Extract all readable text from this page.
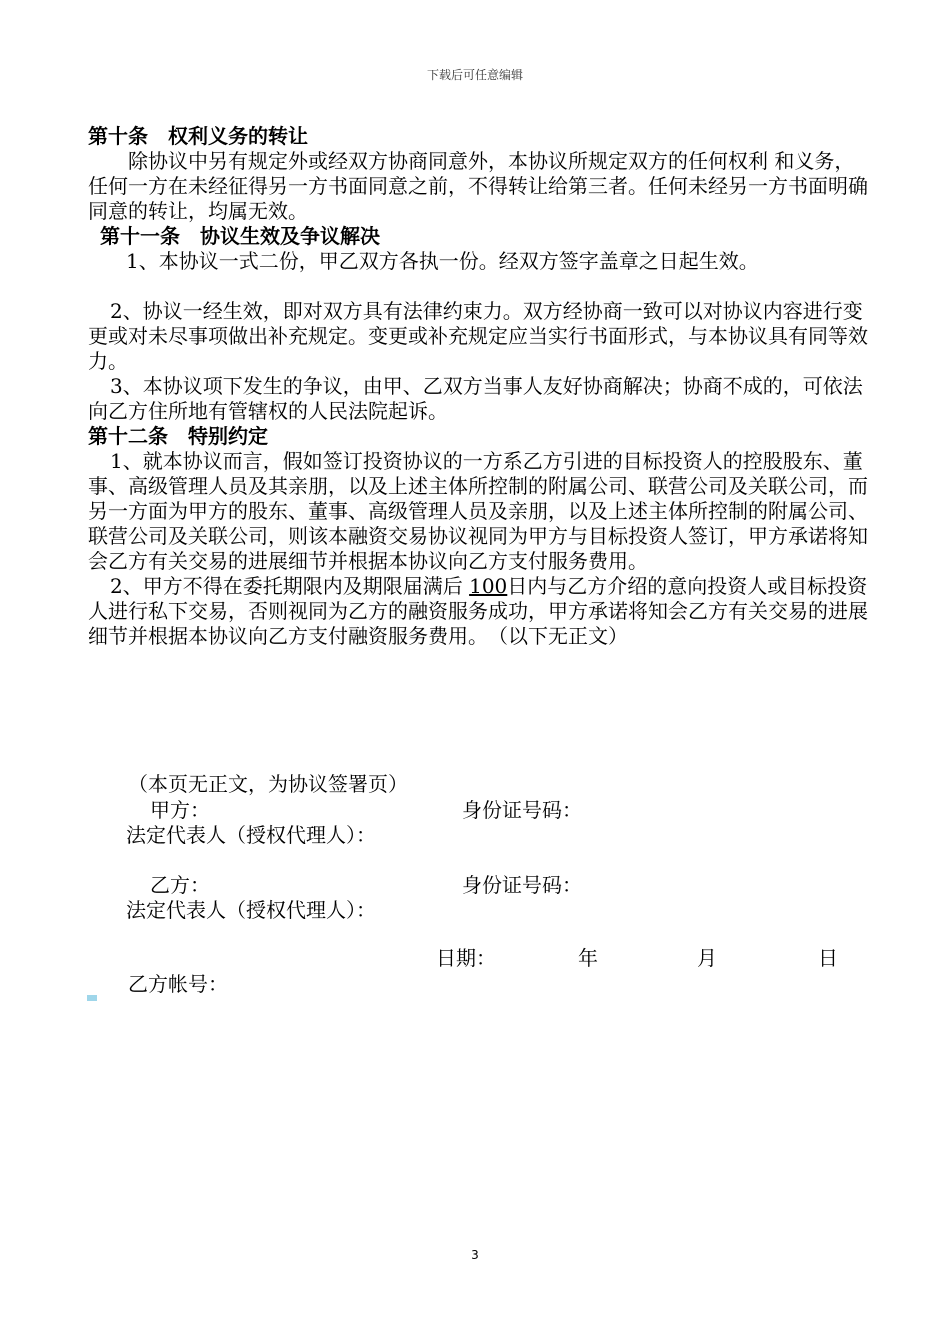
下载后可任意编辑
第十条　权利义务的转让

除协议中另有规定外或经双方协商同意外，本协议所规定双方的任何权利 和义务，任何一方在未经征得另一方书面同意之前，不得转让给第三者。任何未经另一方书面明确同意的转让，均属无效。

第十一条　协议生效及争议解决

1、本协议一式二份，甲乙双方各执一份。经双方签字盖章之日起生效。

2、协议一经生效，即对双方具有法律约束力。双方经协商一致可以对协议内容进行变更或对未尽事项做出补充规定。变更或补充规定应当实行书面形式，与本协议具有同等效力。

3、本协议项下发生的争议，由甲、乙双方当事人友好协商解决；协商不成的，可依法向乙方住所地有管辖权的人民法院起诉。

第十二条　特别约定

1、就本协议而言，假如签订投资协议的一方系乙方引进的目标投资人的控股股东、董事、高级管理人员及其亲朋，以及上述主体所控制的附属公司、联营公司及关联公司，而另一方面为甲方的股东、董事、高级管理人员及亲朋，以及上述主体所控制的附属公司、联营公司及关联公司，则该本融资交易协议视同为甲方与目标投资人签订，甲方承诺将知会乙方有关交易的进展细节并根据本协议向乙方支付服务费用。

2、甲方不得在委托期限内及期限届满后 100日内与乙方介绍的意向投资人或目标投资人进行私下交易，否则视同为乙方的融资服务成功，甲方承诺将知会乙方有关交易的进展细节并根据本协议向乙方支付融资服务费用。　（以下无正文）

（本页无正文，为协议签署页）
甲方：	身份证号码：
法定代表人（授权代理人）：
乙方：	身份证号码：
法定代表人（授权代理人）：
日期：	年	月	日
乙方帐号：
3
